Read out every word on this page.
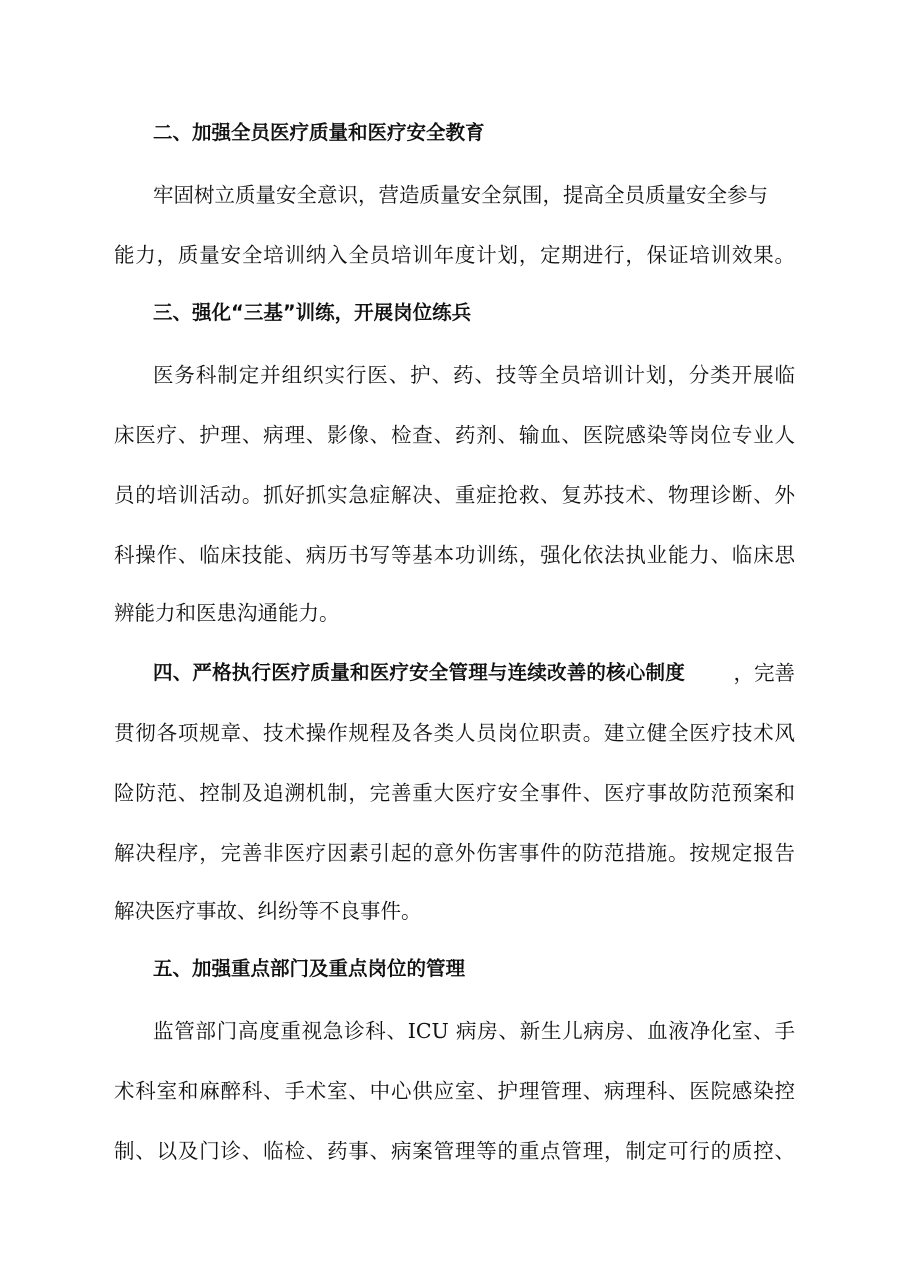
二、加强全员医疗质量和医疗安全教育
牢固树立质量安全意识，营造质量安全氛围，提高全员质量安全参与
能力，质量安全培训纳入全员培训年度计划，定期进行，保证培训效果。
三、强化“三基”训练，开展岗位练兵
医务科制定并组织实行医、护、药、技等全员培训计划，分类开展临
床医疗、护理、病理、影像、检查、药剂、输血、医院感染等岗位专业人
员的培训活动。抓好抓实急症解决、重症抢救、复苏技术、物理诊断、外
科操作、临床技能、病历书写等基本功训练，强化依法执业能力、临床思
辨能力和医患沟通能力。
四、严格执行医疗质量和医疗安全管理与连续改善的核心制度 ，完善
贯彻各项规章、技术操作规程及各类人员岗位职责。建立健全医疗技术风
险防范、控制及追溯机制，完善重大医疗安全事件、医疗事故防范预案和
解决程序，完善非医疗因素引起的意外伤害事件的防范措施。按规定报告
解决医疗事故、纠纷等不良事件。
五、加强重点部门及重点岗位的管理
监管部门高度重视急诊科、ICU 病房、新生儿病房、血液净化室、手
术科室和麻醉科、手术室、中心供应室、护理管理、病理科、医院感染控
制、以及门诊、临检、药事、病案管理等的重点管理，制定可行的质控、
